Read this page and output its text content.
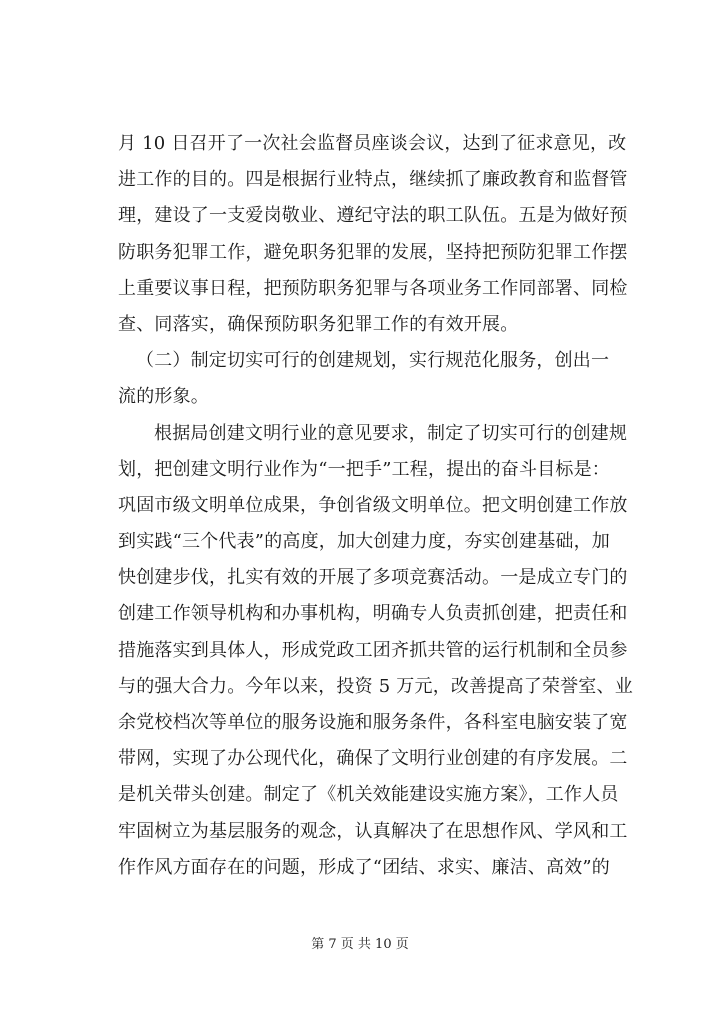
月 10 日召开了一次社会监督员座谈会议，达到了征求意见，改
进工作的目的。四是根据行业特点，继续抓了廉政教育和监督管
理，建设了一支爱岗敬业、遵纪守法的职工队伍。五是为做好预
防职务犯罪工作，避免职务犯罪的发展，坚持把预防犯罪工作摆
上重要议事日程，把预防职务犯罪与各项业务工作同部署、同检
查、同落实，确保预防职务犯罪工作的有效开展。
（二）制定切实可行的创建规划，实行规范化服务，创出一
流的形象。
根据局创建文明行业的意见要求，制定了切实可行的创建规
划，把创建文明行业作为“一把手”工程，提出的奋斗目标是：
巩固市级文明单位成果，争创省级文明单位。把文明创建工作放
到实践“三个代表”的高度，加大创建力度，夯实创建基础，加
快创建步伐，扎实有效的开展了多项竞赛活动。一是成立专门的
创建工作领导机构和办事机构，明确专人负责抓创建，把责任和
措施落实到具体人，形成党政工团齐抓共管的运行机制和全员参
与的强大合力。今年以来，投资 5 万元，改善提高了荣誉室、业
余党校档次等单位的服务设施和服务条件，各科室电脑安装了宽
带网，实现了办公现代化，确保了文明行业创建的有序发展。二
是机关带头创建。制定了《机关效能建设实施方案》，工作人员
牢固树立为基层服务的观念，认真解决了在思想作风、学风和工
作作风方面存在的问题，形成了“团结、求实、廉洁、高效”的
第 7 页 共 10 页
